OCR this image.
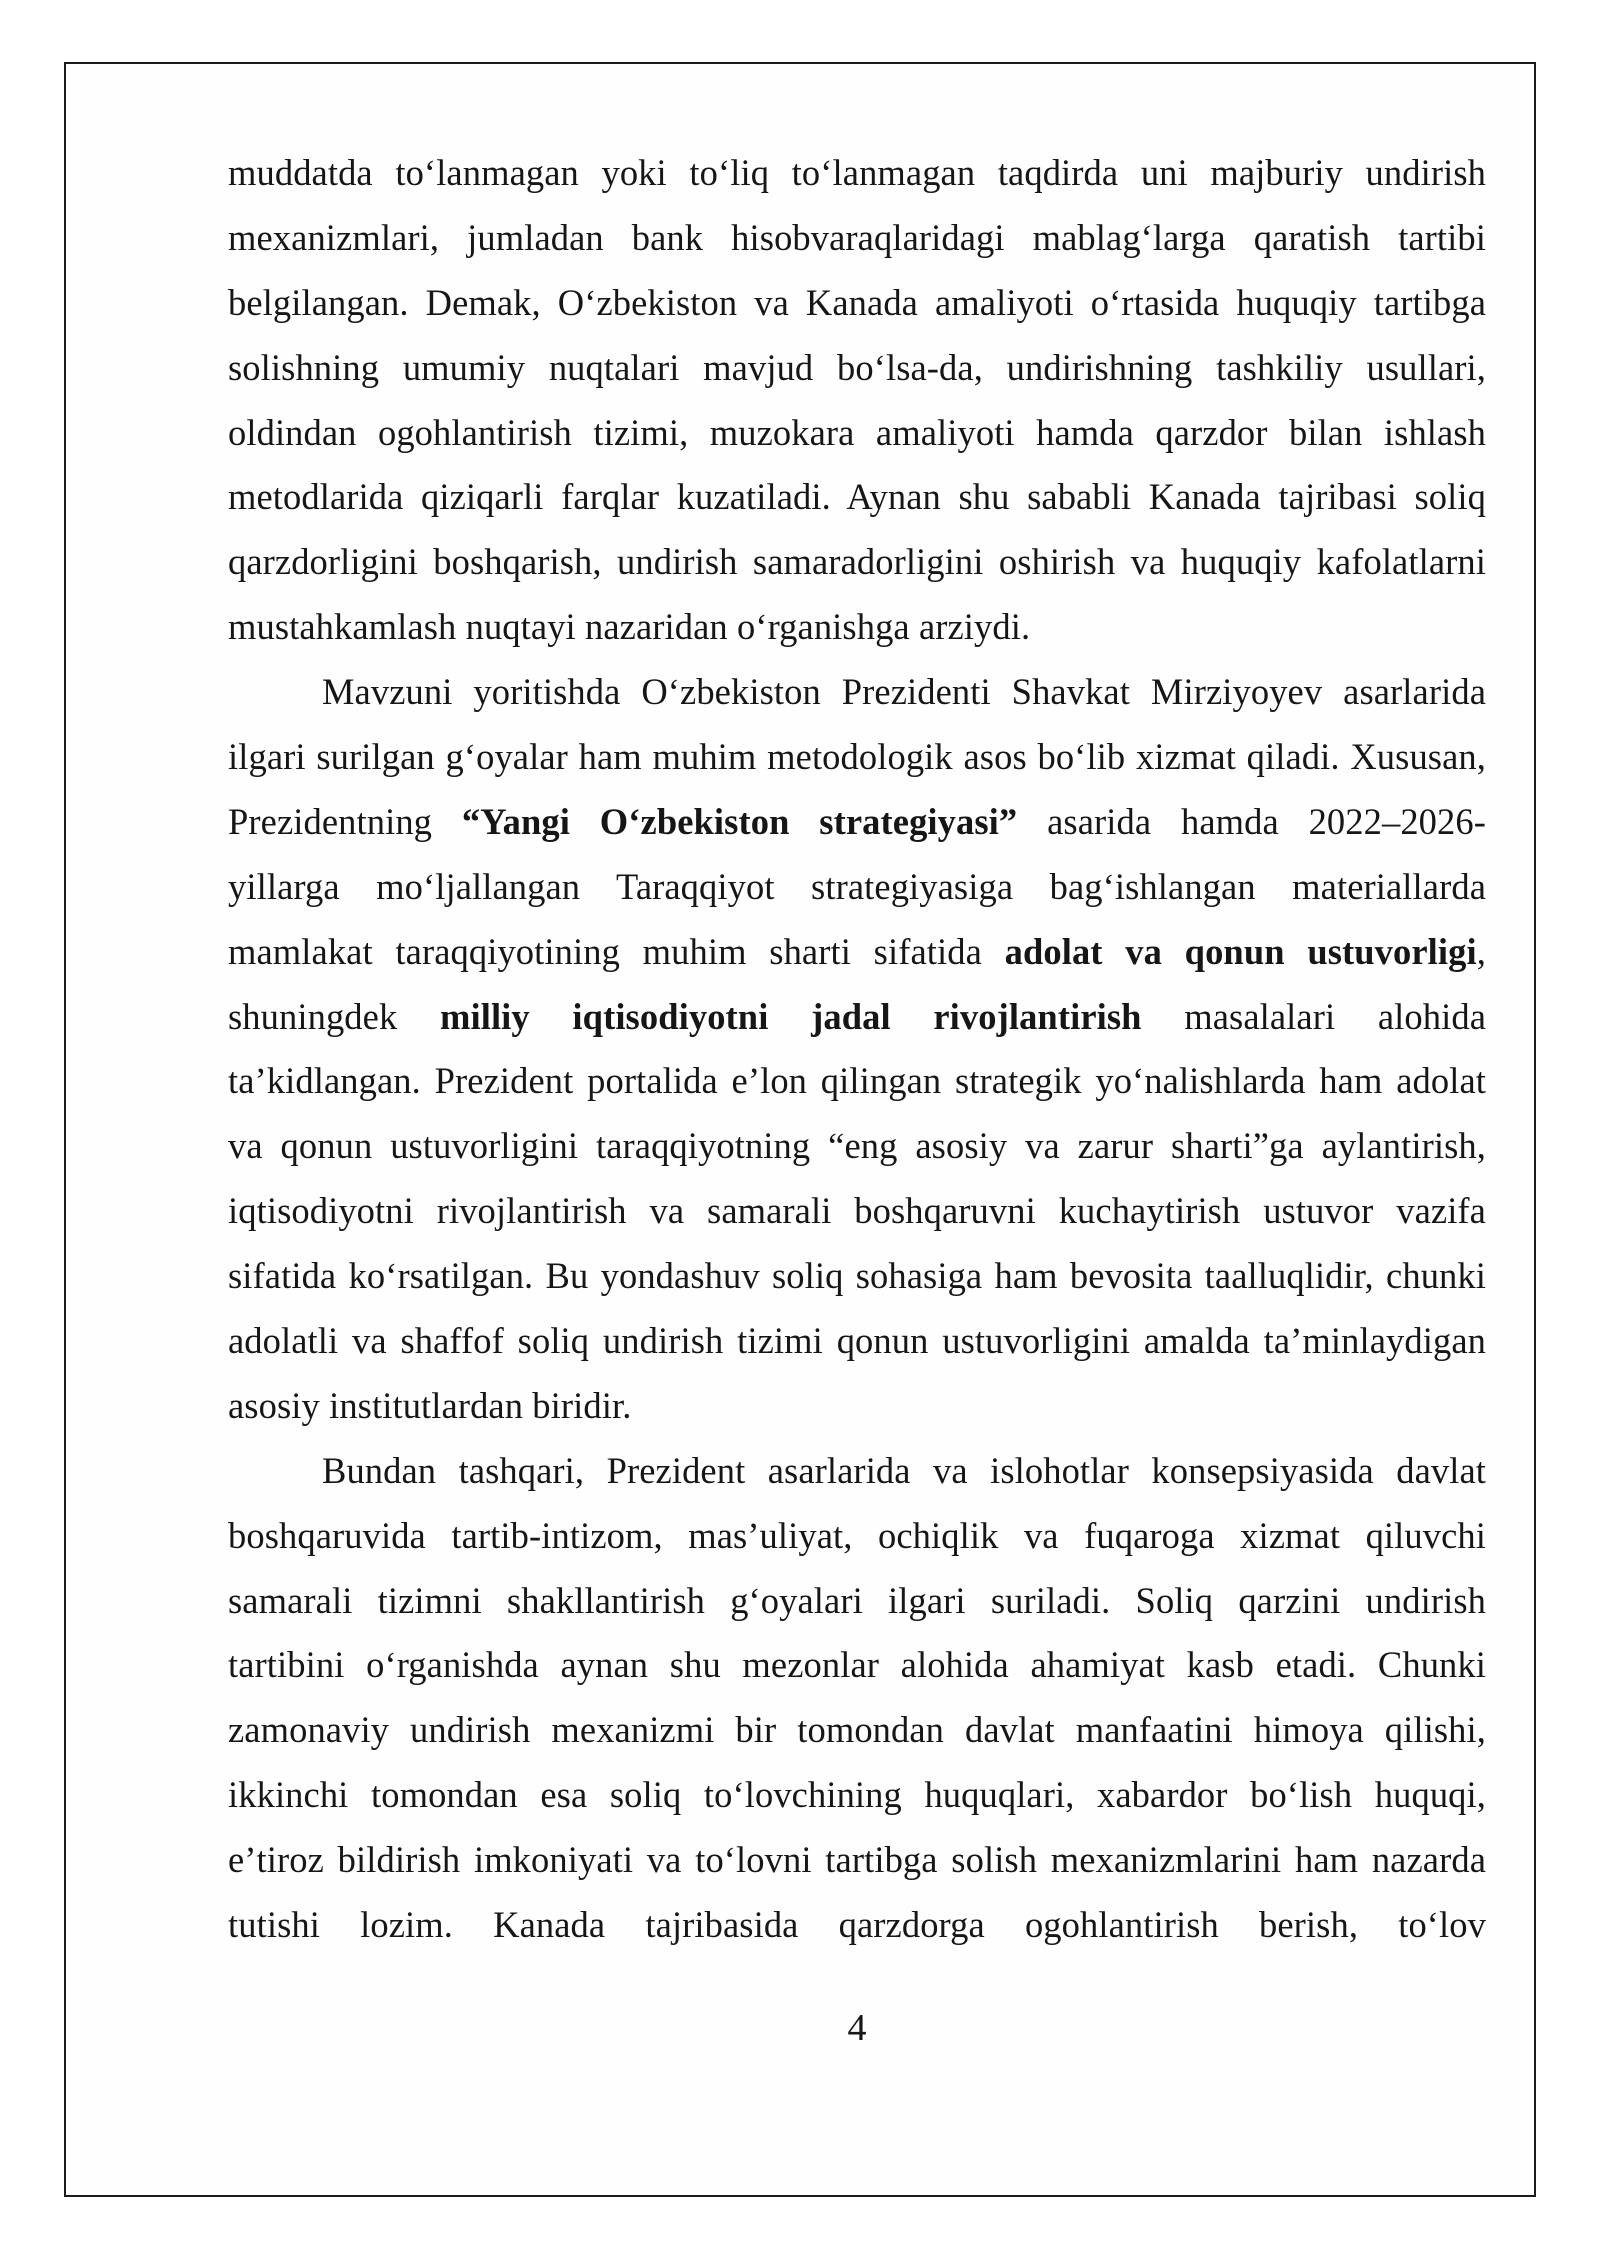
muddatda toʻlanmagan yoki toʻliq toʻlanmagan taqdirda uni majburiy undirish
mexanizmlari, jumladan bank hisobvaraqlaridagi mablagʻlarga qaratish tartibi
belgilangan. Demak, Oʻzbekiston va Kanada amaliyoti oʻrtasida huquqiy tartibga
solishning umumiy nuqtalari mavjud boʻlsa-da, undirishning tashkiliy usullari,
oldindan ogohlantirish tizimi, muzokara amaliyoti hamda qarzdor bilan ishlash
metodlarida qiziqarli farqlar kuzatiladi. Aynan shu sababli Kanada tajribasi soliq
qarzdorligini boshqarish, undirish samaradorligini oshirish va huquqiy kafolatlarni
mustahkamlash nuqtayi nazaridan oʻrganishga arziydi.
Mavzuni yoritishda Oʻzbekiston Prezidenti Shavkat Mirziyoyev asarlarida
ilgari surilgan gʻoyalar ham muhim metodologik asos boʻlib xizmat qiladi. Xususan,
Prezidentning “Yangi Oʻzbekiston strategiyasi” asarida hamda 2022–2026-
yillarga moʻljallangan Taraqqiyot strategiyasiga bagʻishlangan materiallarda
mamlakat taraqqiyotining muhim sharti sifatida adolat va qonun ustuvorligi,
shuningdek milliy iqtisodiyotni jadal rivojlantirish masalalari alohida
taʼkidlangan. Prezident portalida eʼlon qilingan strategik yoʻnalishlarda ham adolat
va qonun ustuvorligini taraqqiyotning “eng asosiy va zarur sharti”ga aylantirish,
iqtisodiyotni rivojlantirish va samarali boshqaruvni kuchaytirish ustuvor vazifa
sifatida koʻrsatilgan. Bu yondashuv soliq sohasiga ham bevosita taalluqlidir, chunki
adolatli va shaffof soliq undirish tizimi qonun ustuvorligini amalda taʼminlaydigan
asosiy institutlardan biridir.
Bundan tashqari, Prezident asarlarida va islohotlar konsepsiyasida davlat
boshqaruvida tartib-intizom, masʼuliyat, ochiqlik va fuqaroga xizmat qiluvchi
samarali tizimni shakllantirish gʻoyalari ilgari suriladi. Soliq qarzini undirish
tartibini oʻrganishda aynan shu mezonlar alohida ahamiyat kasb etadi. Chunki
zamonaviy undirish mexanizmi bir tomondan davlat manfaatini himoya qilishi,
ikkinchi tomondan esa soliq toʻlovchining huquqlari, xabardor boʻlish huquqi,
eʼtiroz bildirish imkoniyati va toʻlovni tartibga solish mexanizmlarini ham nazarda
tutishi lozim. Kanada tajribasida qarzdorga ogohlantirish berish, toʻlov
4
